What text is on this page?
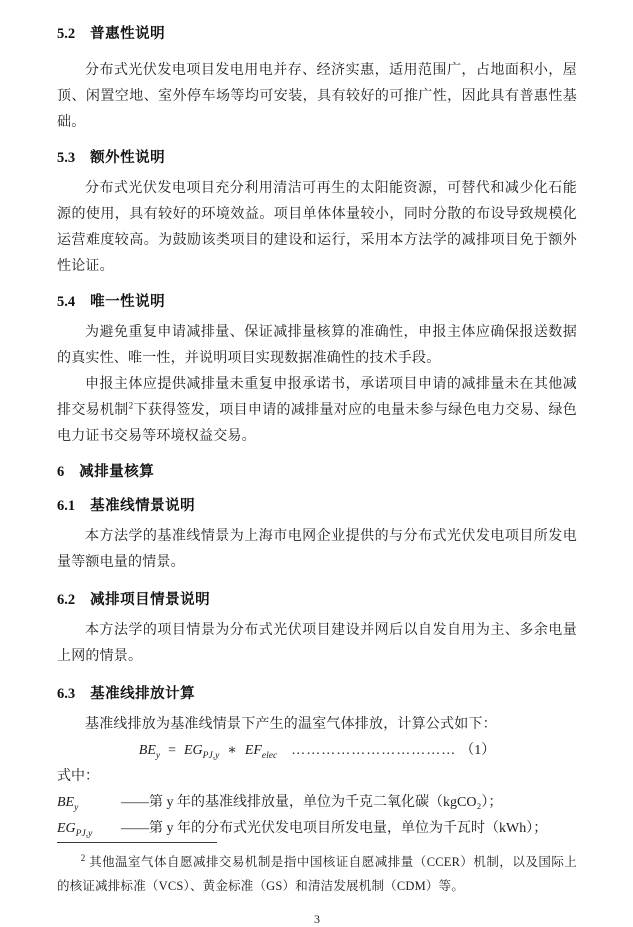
5.2 普惠性说明

分布式光伏发电项目发电用电并存、经济实惠，适用范围广，占地面积小，屋顶、闲置空地、室外停车场等均可安装，具有较好的可推广性，因此具有普惠性基础。

5.3 额外性说明

分布式光伏发电项目充分利用清洁可再生的太阳能资源，可替代和减少化石能源的使用，具有较好的环境效益。项目单体体量较小，同时分散的布设导致规模化运营难度较高。为鼓励该类项目的建设和运行，采用本方法学的减排项目免于额外性论证。

5.4 唯一性说明

为避免重复申请减排量、保证减排量核算的准确性，申报主体应确保报送数据的真实性、唯一性，并说明项目实现数据准确性的技术手段。

申报主体应提供减排量未重复申报承诺书，承诺项目申请的减排量未在其他减排交易机制$^2$下获得签发，项目申请的减排量对应的电量未参与绿色电力交易、绿色电力证书交易等环境权益交易。

6 减排量核算
6.1 基准线情景说明

本方法学的基准线情景为上海市电网企业提供的与分布式光伏发电项目所发电量等额电量的情景。

6.2 减排项目情景说明

本方法学的项目情景为分布式光伏项目建设并网后以自发自用为主、多余电量上网的情景。

6.3 基准线排放计算

基准线排放为基准线情景下产生的温室气体排放，计算公式如下：

$BE_y = EG_{PJ,y}$ ∗ $EF_{elec}$ …………………………… （1）
式中：
$BE_y$	——第 y 年的基准线排放量，单位为千克二氧化碳（kgCO₂）；
$EG_{PJ,y}$	——第 y 年的分布式光伏发电项目所发电量，单位为千瓦时（kWh）；

$^2$ 其他温室气体自愿减排交易机制是指中国核证自愿减排量（CCER）机制，以及国际上的核证减排标准（VCS）、黄金标准（GS）和清洁发展机制（CDM）等。

3
